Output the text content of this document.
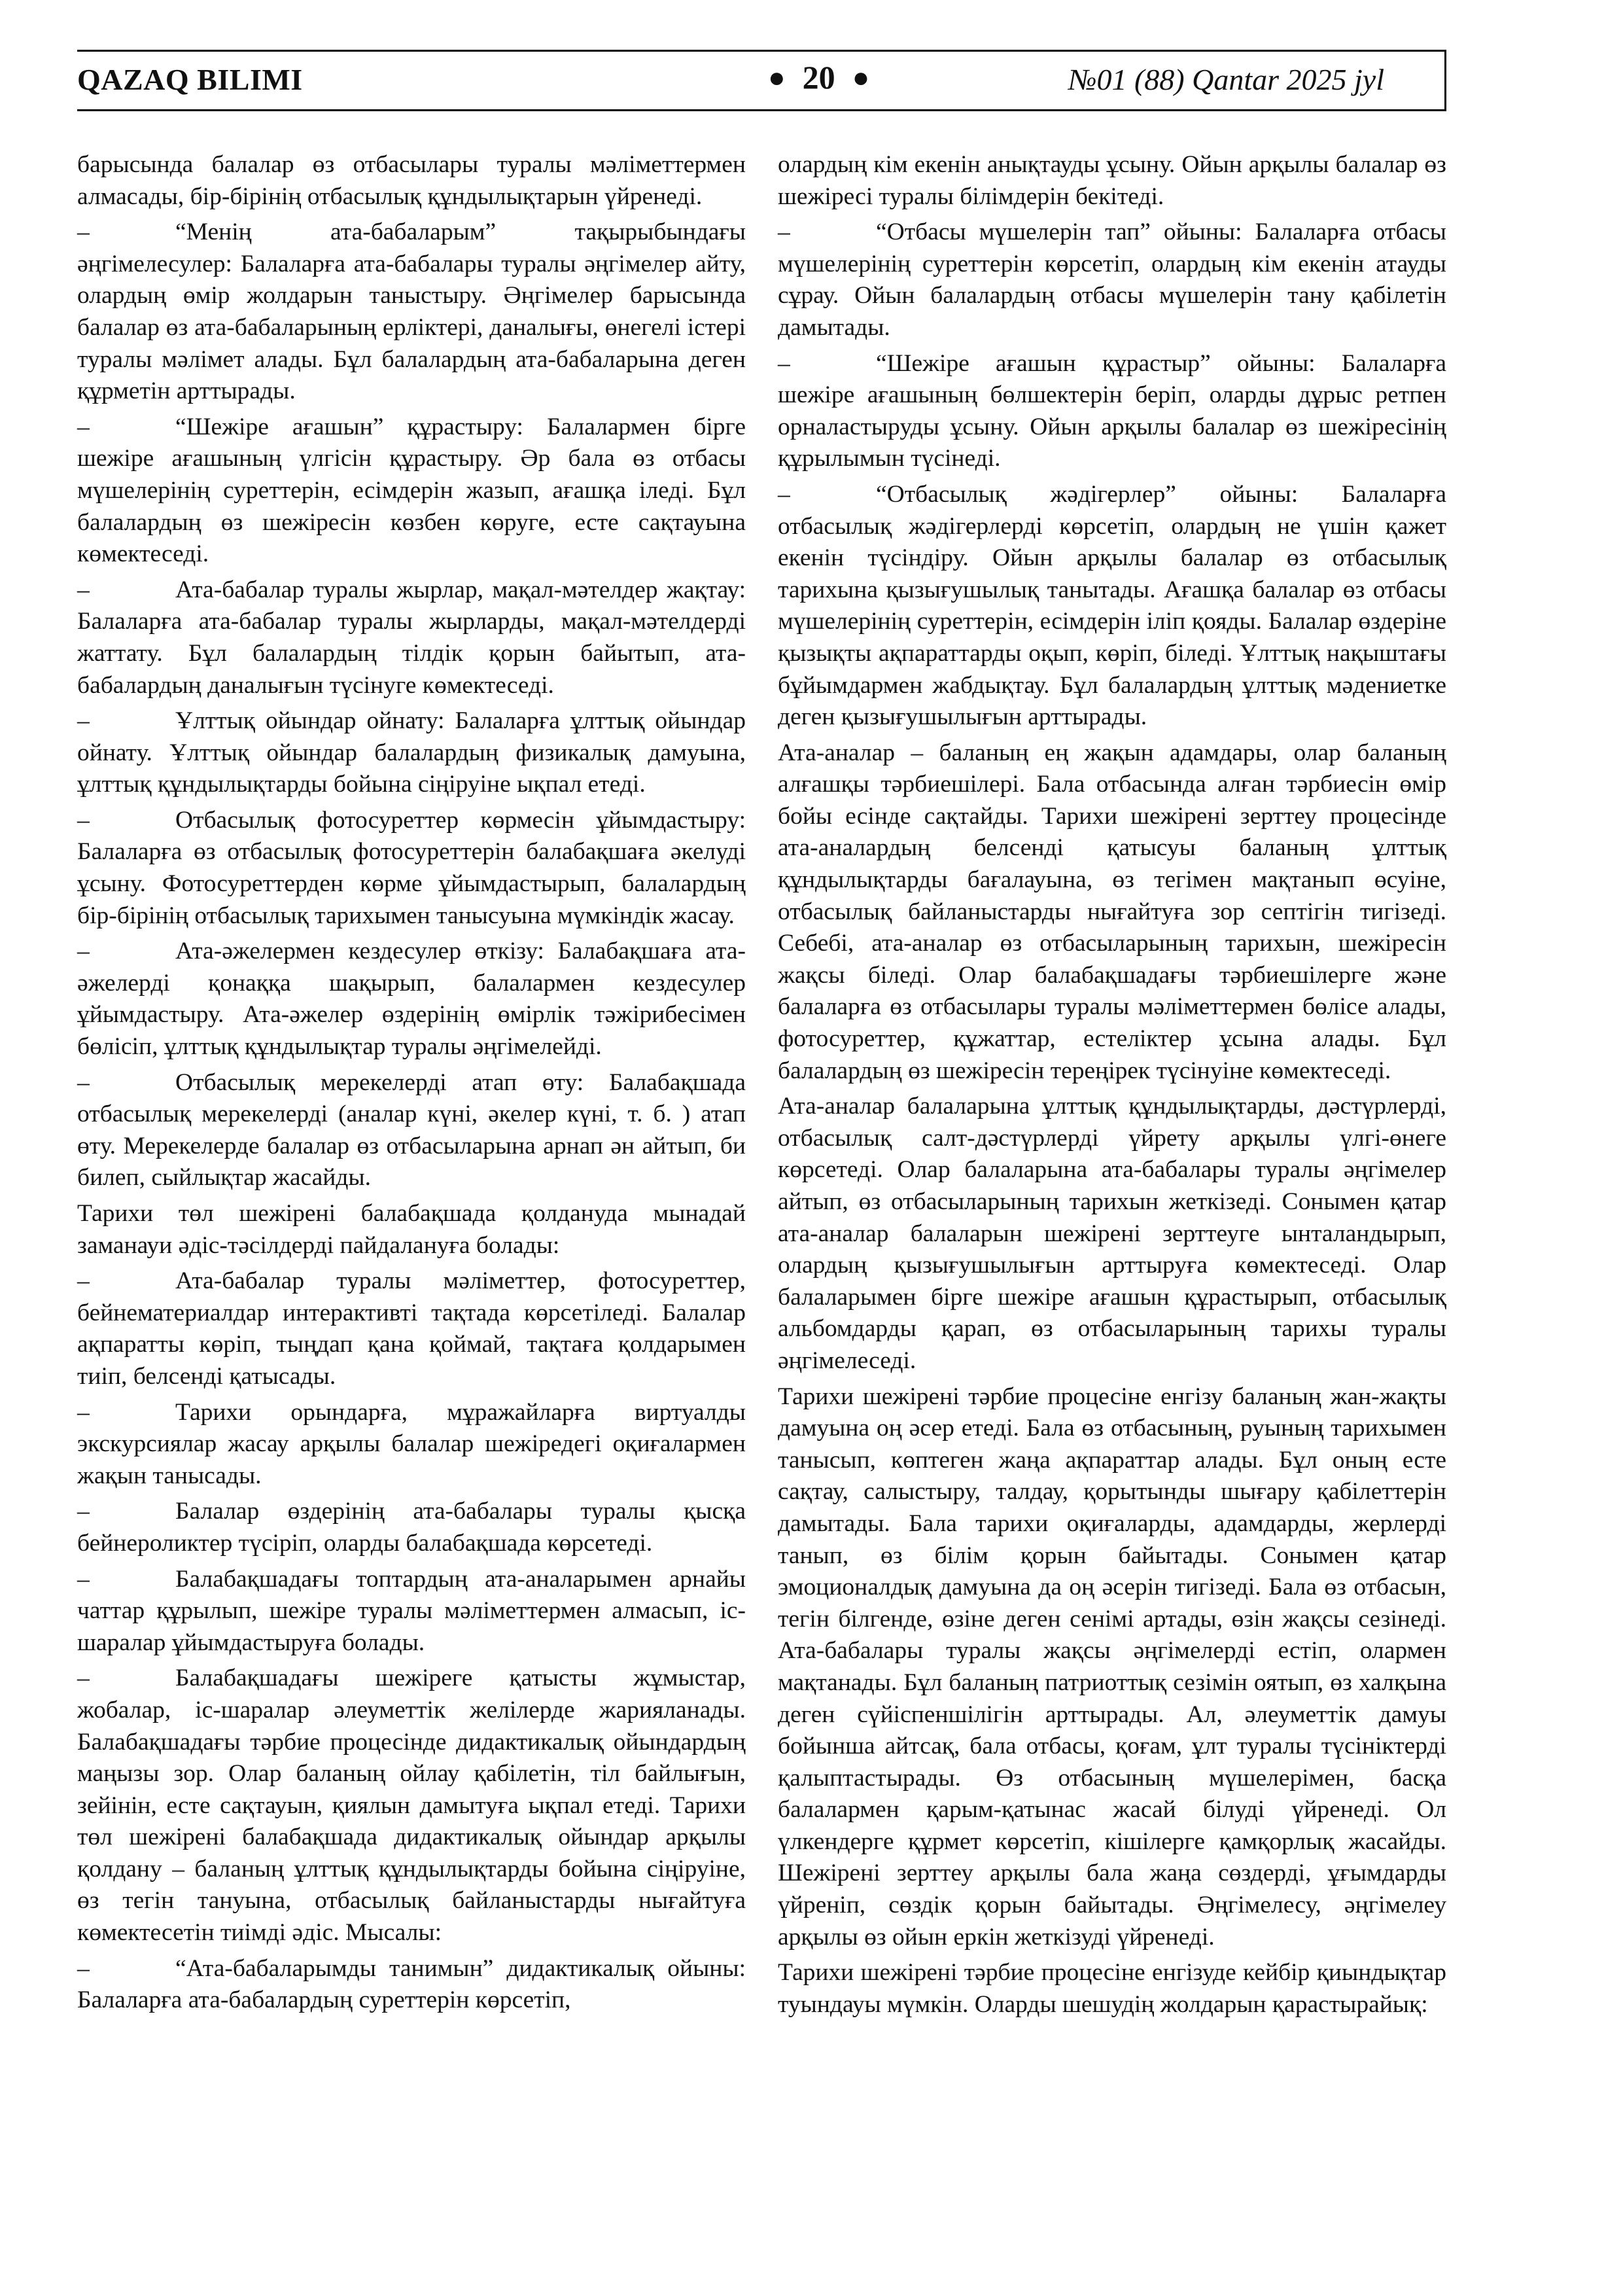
QAZAQ BILIMI	● 20 ●	№01 (88) Qantar 2025 jyl

барысында балалар өз отбасылары туралы мәліметтермен алмасады, бір-бірінің отбасылық құндылықтарын үйренеді.

– “Менің ата-бабаларым” тақырыбындағы әңгімелесулер: Балаларға ата-бабалары туралы әңгімелер айту, олардың өмір жолдарын таныстыру. Әңгімелер барысында балалар өз ата-бабаларының ерліктері, даналығы, өнегелі істері туралы мәлімет алады. Бұл балалардың ата-бабаларына деген құрметін арттырады.

– “Шежіре ағашын” құрастыру: Балалармен бірге шежіре ағашының үлгісін құрастыру. Әр бала өз отбасы мүшелерінің суреттерін, есімдерін жазып, ағашқа іледі. Бұл балалардың өз шежіресін көзбен көруге, есте сақтауына көмектеседі.

– Ата-бабалар туралы жырлар, мақал-мәтелдер жақтау: Балаларға ата-бабалар туралы жырларды, мақал-мәтелдерді жаттату. Бұл балалардың тілдік қорын байытып, ата-бабалардың даналығын түсінуге көмектеседі.

– Ұлттық ойындар ойнату: Балаларға ұлттық ойындар ойнату. Ұлттық ойындар балалардың физикалық дамуына, ұлттық құндылықтарды бойына сіңіруіне ықпал етеді.

– Отбасылық фотосуреттер көрмесін ұйымдастыру: Балаларға өз отбасылық фотосуреттерін балабақшаға әкелуді ұсыну. Фотосуреттерден көрме ұйымдастырып, балалардың бір-бірінің отбасылық тарихымен танысуына мүмкіндік жасау.

– Ата-әжелермен кездесулер өткізу: Балабақшаға ата-әжелерді қонаққа шақырып, балалармен кездесулер ұйымдастыру. Ата-әжелер өздерінің өмірлік тәжірибесімен бөлісіп, ұлттық құндылықтар туралы әңгімелейді.

– Отбасылық мерекелерді атап өту: Балабақшада отбасылық мерекелерді (аналар күні, әкелер күні, т. б. ) атап өту. Мерекелерде балалар өз отбасыларына арнап ән айтып, би билеп, сыйлықтар жасайды.

Тарихи төл шежірені балабақшада қолдануда мынадай заманауи әдіс-тәсілдерді пайдалануға болады:

– Ата-бабалар туралы мәліметтер, фотосуреттер, бейнематериалдар интерактивті тақтада көрсетіледі. Балалар ақпаратты көріп, тыңдап қана қоймай, тақтаға қолдарымен тиіп, белсенді қатысады.

– Тарихи орындарға, мұражайларға виртуалды экскурсиялар жасау арқылы балалар шежіредегі оқиғалармен жақын танысады.

– Балалар өздерінің ата-бабалары туралы қысқа бейнероликтер түсіріп, оларды балабақшада көрсетеді.

– Балабақшадағы топтардың ата-аналарымен арнайы чаттар құрылып, шежіре туралы мәліметтермен алмасып, іс-шаралар ұйымдастыруға болады.

– Балабақшадағы шежіреге қатысты жұмыстар, жобалар, іс-шаралар әлеуметтік желілерде жарияланады. Балабақшадағы тәрбие процесінде дидактикалық ойындардың маңызы зор. Олар баланың ойлау қабілетін, тіл байлығын, зейінін, есте сақтауын, қиялын дамытуға ықпал етеді. Тарихи төл шежірені балабақшада дидактикалық ойындар арқылы қолдану – баланың ұлттық құндылықтарды бойына сіңіруіне, өз тегін тануына, отбасылық байланыстарды нығайтуға көмектесетін тиімді әдіс. Мысалы:

– “Ата-бабаларымды танимын” дидактикалық ойыны: Балаларға ата-бабалардың суреттерін көрсетіп,

олардың кім екенін анықтауды ұсыну. Ойын арқылы балалар өз шежіресі туралы білімдерін бекітеді.

– “Отбасы мүшелерін тап” ойыны: Балаларға отбасы мүшелерінің суреттерін көрсетіп, олардың кім екенін атауды сұрау. Ойын балалардың отбасы мүшелерін тану қабілетін дамытады.

– “Шежіре ағашын құрастыр” ойыны: Балаларға шежіре ағашының бөлшектерін беріп, оларды дұрыс ретпен орналастыруды ұсыну. Ойын арқылы балалар өз шежіресінің құрылымын түсінеді.

– “Отбасылық жәдігерлер” ойыны: Балаларға отбасылық жәдігерлерді көрсетіп, олардың не үшін қажет екенін түсіндіру. Ойын арқылы балалар өз отбасылық тарихына қызығушылық танытады. Ағашқа балалар өз отбасы мүшелерінің суреттерін, есімдерін іліп қояды. Балалар өздеріне қызықты ақпараттарды оқып, көріп, біледі. Ұлттық нақыштағы бұйымдармен жабдықтау. Бұл балалардың ұлттық мәдениетке деген қызығушылығын арттырады.

Ата-аналар – баланың ең жақын адамдары, олар баланың алғашқы тәрбиешілері. Бала отбасында алған тәрбиесін өмір бойы есінде сақтайды. Тарихи шежірені зерттеу процесінде ата-аналардың белсенді қатысуы баланың ұлттық құндылықтарды бағалауына, өз тегімен мақтанып өсуіне, отбасылық байланыстарды нығайтуға зор септігін тигізеді. Себебі, ата-аналар өз отбасыларының тарихын, шежіресін жақсы біледі. Олар балабақшадағы тәрбиешілерге және балаларға өз отбасылары туралы мәліметтермен бөлісе алады, фотосуреттер, құжаттар, естеліктер ұсына алады. Бұл балалардың өз шежіресін тереңірек түсінуіне көмектеседі.

Ата-аналар балаларына ұлттық құндылықтарды, дәстүрлерді, отбасылық салт-дәстүрлерді үйрету арқылы үлгі-өнеге көрсетеді. Олар балаларына ата-бабалары туралы әңгімелер айтып, өз отбасыларының тарихын жеткізеді. Сонымен қатар ата-аналар балаларын шежірені зерттеуге ынталандырып, олардың қызығушылығын арттыруға көмектеседі. Олар балаларымен бірге шежіре ағашын құрастырып, отбасылық альбомдарды қарап, өз отбасыларының тарихы туралы әңгімелеседі.

Тарихи шежірені тәрбие процесіне енгізу баланың жан-жақты дамуына оң әсер етеді. Бала өз отбасының, руының тарихымен танысып, көптеген жаңа ақпараттар алады. Бұл оның есте сақтау, салыстыру, талдау, қорытынды шығару қабілеттерін дамытады. Бала тарихи оқиғаларды, адамдарды, жерлерді танып, өз білім қорын байытады. Сонымен қатар эмоционалдық дамуына да оң әсерін тигізеді. Бала өз отбасын, тегін білгенде, өзіне деген сенімі артады, өзін жақсы сезінеді. Ата-бабалары туралы жақсы әңгімелерді естіп, олармен мақтанады. Бұл баланың патриоттық сезімін оятып, өз халқына деген сүйіспеншілігін арттырады. Ал, әлеуметтік дамуы бойынша айтсақ, бала отбасы, қоғам, ұлт туралы түсініктерді қалыптастырады. Өз отбасының мүшелерімен, басқа балалармен қарым-қатынас жасай білуді үйренеді. Ол үлкендерге құрмет көрсетіп, кішілерге қамқорлық жасайды. Шежірені зерттеу арқылы бала жаңа сөздерді, ұғымдарды үйреніп, сөздік қорын байытады. Әңгімелесу, әңгімелеу арқылы өз ойын еркін жеткізуді үйренеді.

Тарихи шежірені тәрбие процесіне енгізуде кейбір қиындықтар туындауы мүмкін. Оларды шешудің жолдарын қарастырайық:
